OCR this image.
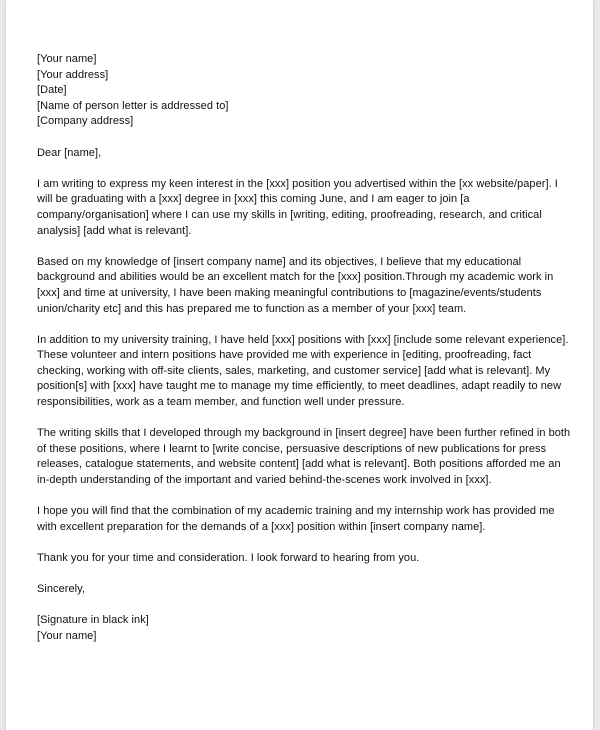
[Your name]
[Your address]
[Date]
[Name of person letter is addressed to]
[Company address]

Dear [name],

I am writing to express my keen interest in the [xxx] position you advertised within the [xx website/paper]. I
will be graduating with a [xxx] degree in [xxx] this coming June, and I am eager to join [a
company/organisation] where I can use my skills in [writing, editing, proofreading, research, and critical
analysis] [add what is relevant].

Based on my knowledge of [insert company name] and its objectives, I believe that my educational
background and abilities would be an excellent match for the [xxx] position.Through my academic work in
[xxx] and time at university, I have been making meaningful contributions to [magazine/events/students
union/charity etc] and this has prepared me to function as a member of your [xxx] team.

In addition to my university training, I have held [xxx] positions with [xxx] [include some relevant experience].
These volunteer and intern positions have provided me with experience in [editing, proofreading, fact
checking, working with off-site clients, sales, marketing, and customer service] [add what is relevant]. My
position[s] with [xxx] have taught me to manage my time efficiently, to meet deadlines, adapt readily to new
responsibilities, work as a team member, and function well under pressure.

The writing skills that I developed through my background in [insert degree] have been further refined in both
of these positions, where I learnt to [write concise, persuasive descriptions of new publications for press
releases, catalogue statements, and website content] [add what is relevant]. Both positions afforded me an
in-depth understanding of the important and varied behind-the-scenes work involved in [xxx].

I hope you will find that the combination of my academic training and my internship work has provided me
with excellent preparation for the demands of a [xxx] position within [insert company name].

Thank you for your time and consideration. I look forward to hearing from you.

Sincerely,

[Signature in black ink]
[Your name]
